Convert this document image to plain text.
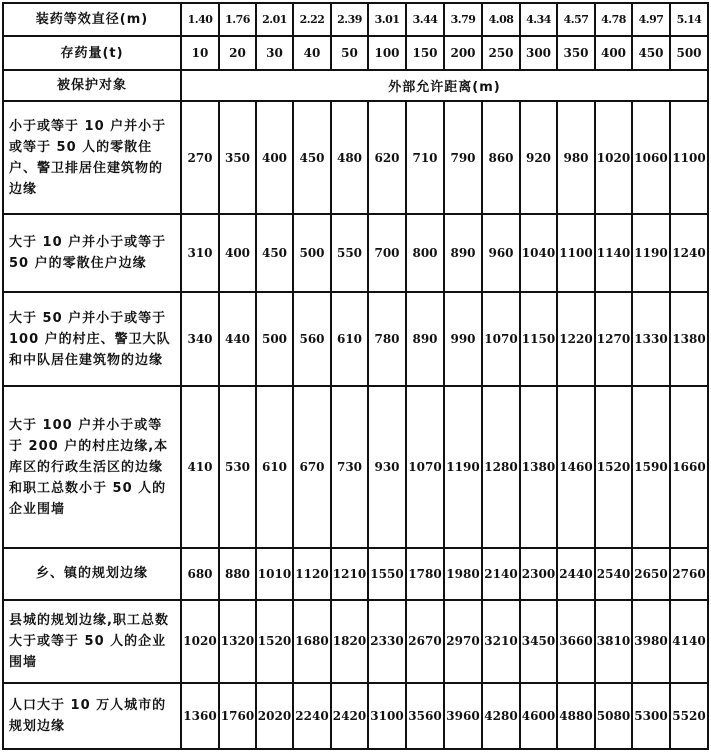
装药等效直径(m)	1.40	1.76	2.01	2.22	2.39	3.01	3.44	3.79	4.08	4.34	4.57	4.78	4.97	5.14
存药量(t)	10	20	30	40	50	100	150	200	250	300	350	400	450	500
被保护对象	外部允许距离(m)													
小于或等于 10 户并小于或等于 50 人的零散住户、警卫排居住建筑物的边缘	270	350	400	450	480	620	710	790	860	920	980	1020	1060	1100
大于 10 户并小于或等于 50 户的零散住户边缘	310	400	450	500	550	700	800	890	960	1040	1100	1140	1190	1240
大于 50 户并小于或等于 100 户的村庄、警卫大队和中队居住建筑物的边缘	340	440	500	560	610	780	890	990	1070	1150	1220	1270	1330	1380
大于 100 户并小于或等于 200 户的村庄边缘,本库区的行政生活区的边缘和职工总数小于 50 人的企业围墙	410	530	610	670	730	930	1070	1190	1280	1380	1460	1520	1590	1660
乡、镇的规划边缘	680	880	1010	1120	1210	1550	1780	1980	2140	2300	2440	2540	2650	2760
县城的规划边缘,职工总数大于或等于 50 人的企业围墙	1020	1320	1520	1680	1820	2330	2670	2970	3210	3450	3660	3810	3980	4140
人口大于 10 万人城市的规划边缘	1360	1760	2020	2240	2420	3100	3560	3960	4280	4600	4880	5080	5300	5520
